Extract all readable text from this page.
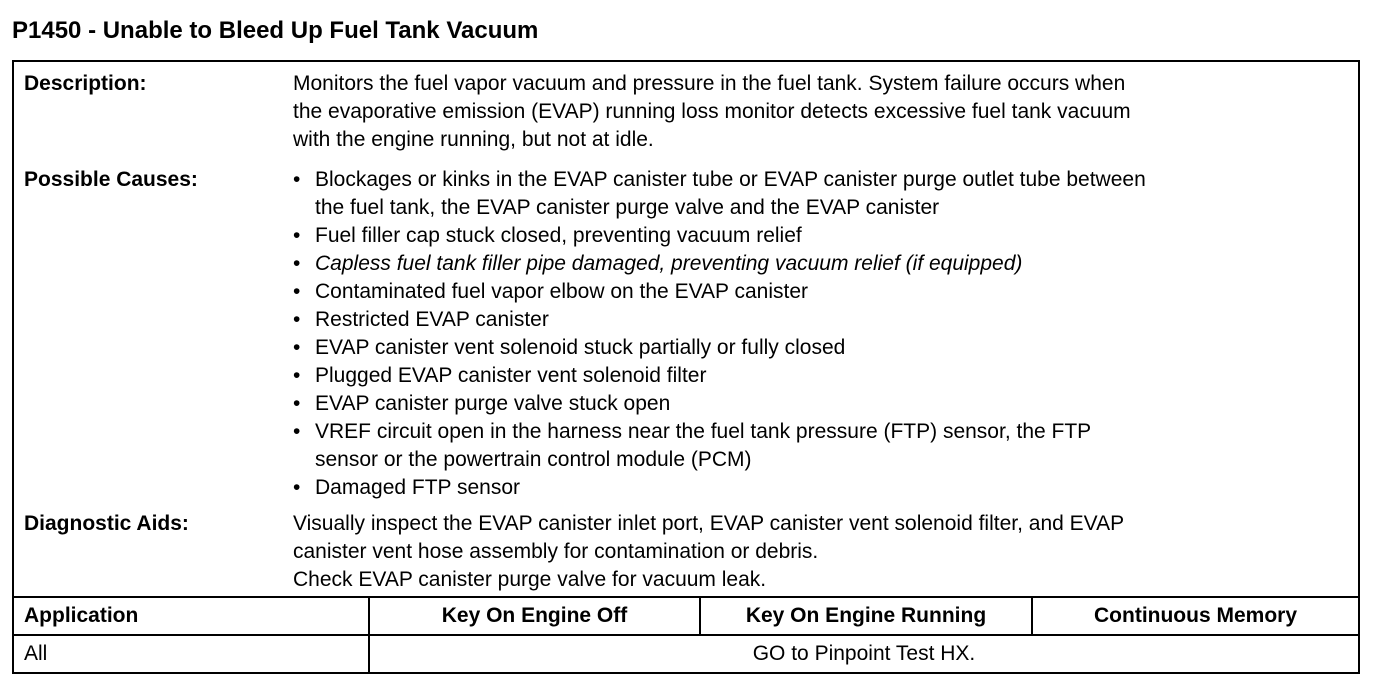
P1450 - Unable to Bleed Up Fuel Tank Vacuum
Description:	Monitors the fuel vapor vacuum and pressure in the fuel tank. System failure occurs when
the evaporative emission (EVAP) running loss monitor detects excessive fuel tank vacuum
with the engine running, but not at idle.
Possible Causes:	• Blockages or kinks in the EVAP canister tube or EVAP canister purge outlet tube between
the fuel tank, the EVAP canister purge valve and the EVAP canister
• Fuel filler cap stuck closed, preventing vacuum relief
• Capless fuel tank filler pipe damaged, preventing vacuum relief (if equipped)
• Contaminated fuel vapor elbow on the EVAP canister
• Restricted EVAP canister
• EVAP canister vent solenoid stuck partially or fully closed
• Plugged EVAP canister vent solenoid filter
• EVAP canister purge valve stuck open
• VREF circuit open in the harness near the fuel tank pressure (FTP) sensor, the FTP
sensor or the powertrain control module (PCM)
• Damaged FTP sensor
Diagnostic Aids:	Visually inspect the EVAP canister inlet port, EVAP canister vent solenoid filter, and EVAP
canister vent hose assembly for contamination or debris.
Check EVAP canister purge valve for vacuum leak.
Application	Key On Engine Off	Key On Engine Running	Continuous Memory
All	GO to Pinpoint Test HX.
